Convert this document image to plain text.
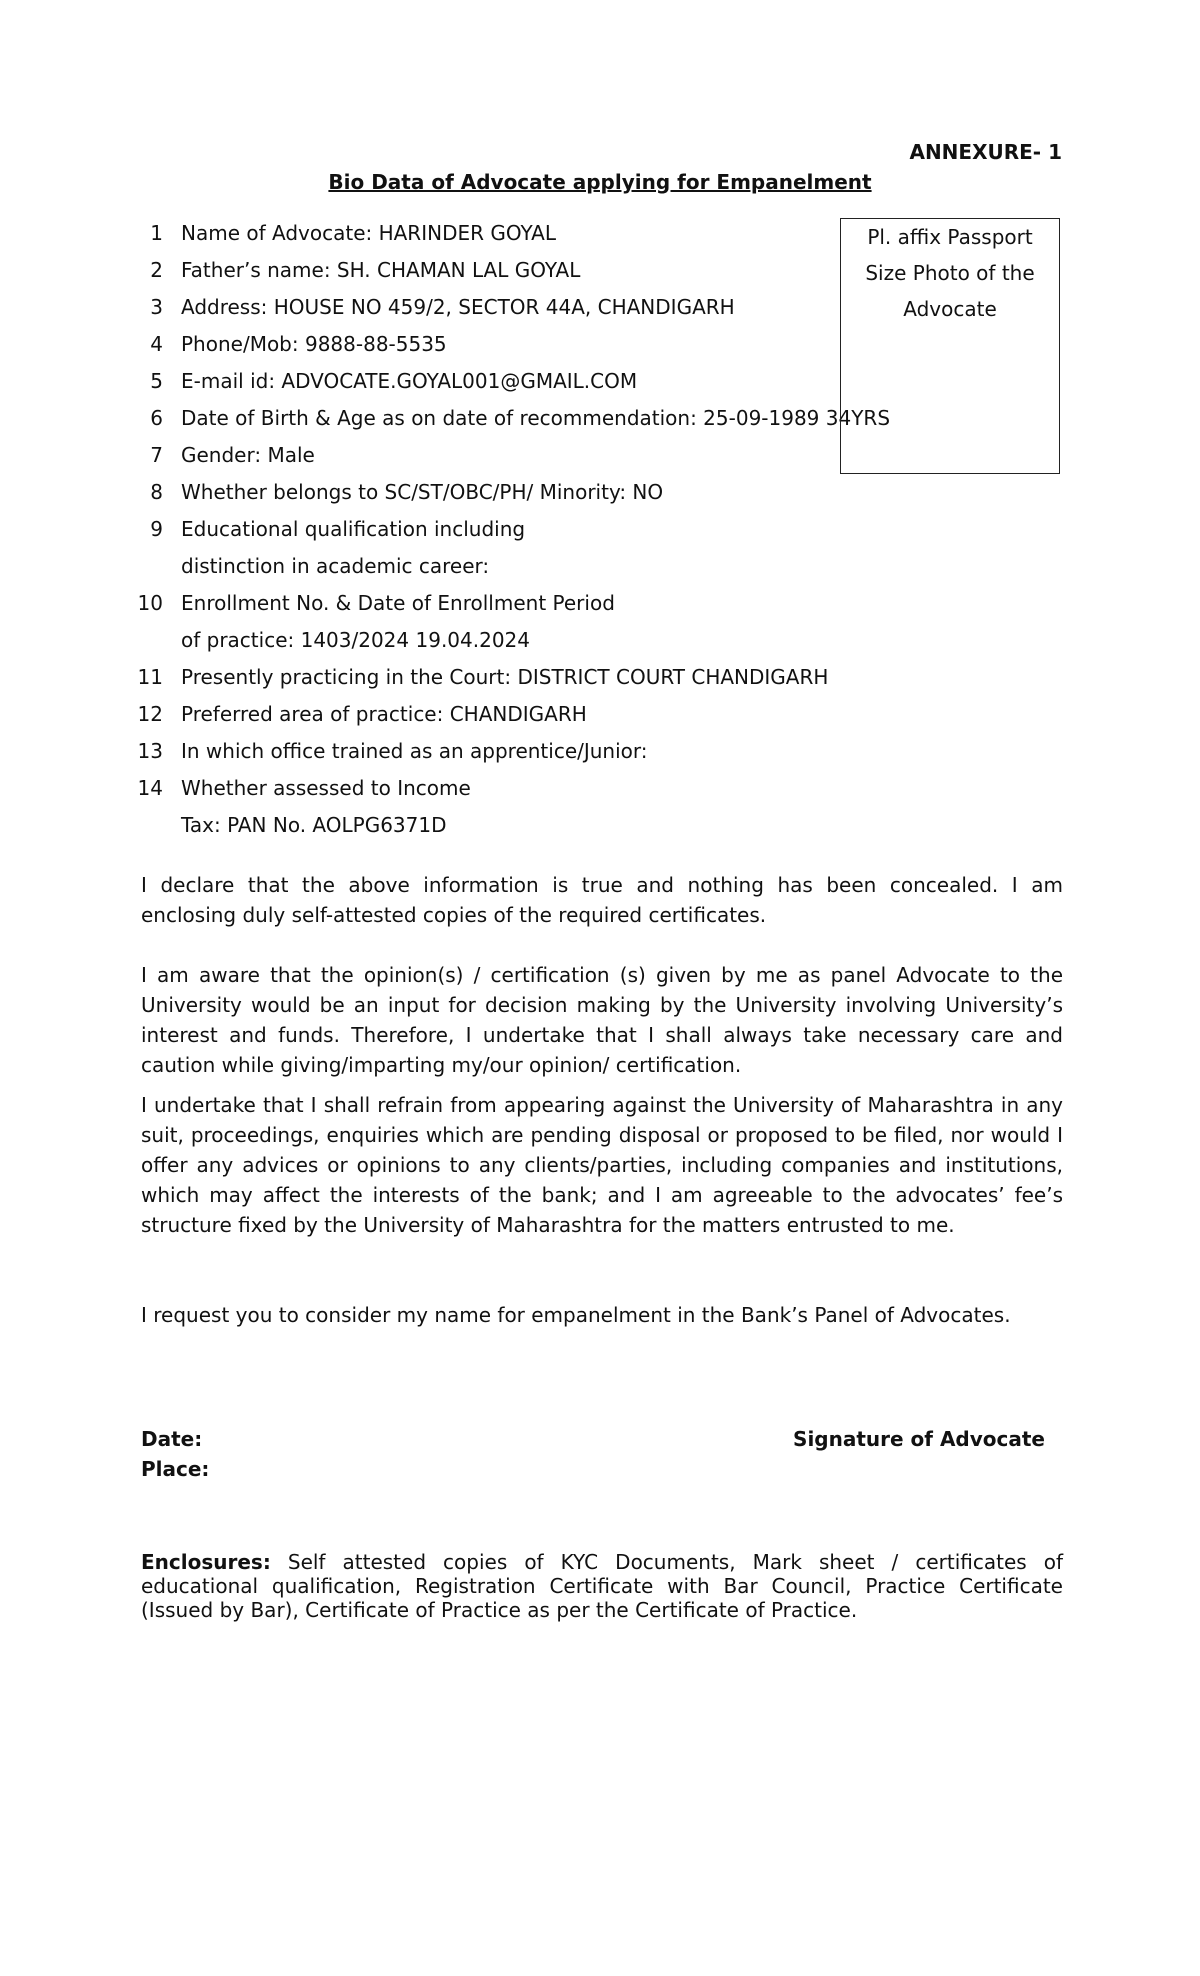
ANNEXURE- 1
Bio Data of Advocate applying for Empanelment
1 Name of Advocate: HARINDER GOYAL
2 Father’s name: SH. CHAMAN LAL GOYAL
3 Address: HOUSE NO 459/2, SECTOR 44A, CHANDIGARH
4 Phone/Mob: 9888-88-5535
5 E-mail id: ADVOCATE.GOYAL001@GMAIL.COM
6 Date of Birth & Age as on date of recommendation: 25-09-1989 34YRS
7 Gender: Male
8 Whether belongs to SC/ST/OBC/PH/ Minority: NO
9 Educational qualification including
distinction in academic career:
10 Enrollment No. & Date of Enrollment Period
of practice: 1403/2024 19.04.2024
11 Presently practicing in the Court: DISTRICT COURT CHANDIGARH
12 Preferred area of practice: CHANDIGARH
13 In which office trained as an apprentice/Junior:
14 Whether assessed to Income
Tax: PAN No. AOLPG6371D
Pl. affix Passport
Size Photo of the
Advocate

I declare that the above information is true and nothing has been concealed. I am enclosing duly self-attested copies of the required certificates.

I am aware that the opinion(s) / certification (s) given by me as panel Advocate to the University would be an input for decision making by the University involving University’s interest and funds. Therefore, I undertake that I shall always take necessary care and caution while giving/imparting my/our opinion/ certification.

I undertake that I shall refrain from appearing against the University of Maharashtra in any suit, proceedings, enquiries which are pending disposal or proposed to be filed, nor would I offer any advices or opinions to any clients/parties, including companies and institutions, which may affect the interests of the bank; and I am agreeable to the advocates’ fee’s structure fixed by the University of Maharashtra for the matters entrusted to me.

I request you to consider my name for empanelment in the Bank’s Panel of Advocates.

Date:
Place:
Signature of Advocate

Enclosures: Self attested copies of KYC Documents, Mark sheet / certificates of educational qualification, Registration Certificate with Bar Council, Practice Certificate (Issued by Bar), Certificate of Practice as per the Certificate of Practice.
